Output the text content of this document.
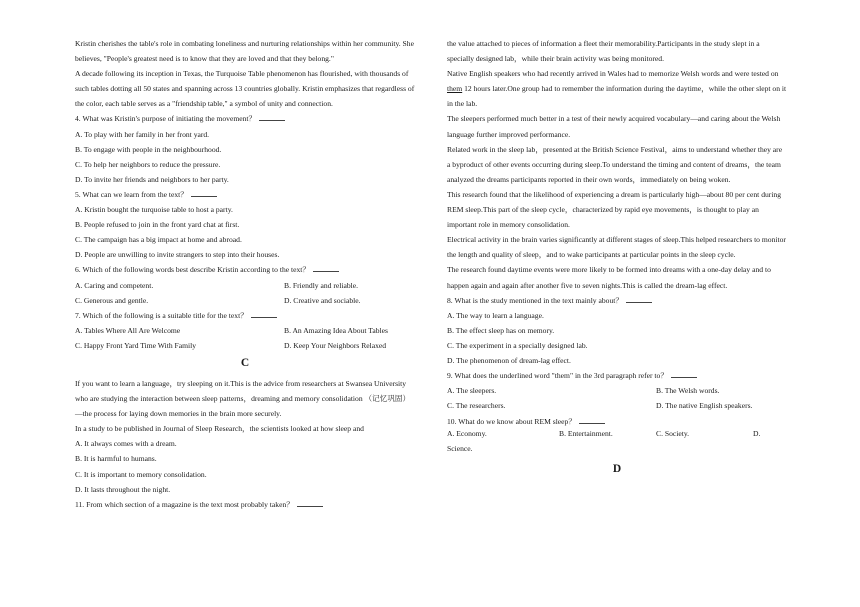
Kristin cherishes the table's role in combating loneliness and nurturing relationships within her community. She believes, "People's greatest need is to know that they are loved and that they belong."

A decade following its inception in Texas, the Turquoise Table phenomenon has flourished, with thousands of such tables dotting all 50 states and spanning across 13 countries globally. Kristin emphasizes that regardless of the color, each table serves as a "friendship table," a symbol of unity and connection.

4. What was Kristin's purpose of initiating the movement？

A. To play with her family in her front yard.

B. To engage with people in the neighbourhood.

C. To help her neighbors to reduce the pressure.

D. To invite her friends and neighbors to her party.

5. What can we learn from the text？

A. Kristin bought the turquoise table to host a party.

B. People refused to join in the front yard chat at first.

C. The campaign has a big impact at home and abroad.

D. People are unwilling to invite strangers to step into their houses.

6. Which of the following words best describe Kristin according to the text？

A. Caring and competent.	B. Friendly and reliable.
C. Generous and gentle.	D. Creative and sociable.

7. Which of the following is a suitable title for the text？

A. Tables Where All Are Welcome	B. An Amazing Idea About Tables
C. Happy Front Yard Time With Family	D. Keep Your Neighbors Relaxed
C

If you want to learn a language，try sleeping on it.This is the advice from researchers at Swansea University who are studying the interaction between sleep patterns，dreaming and memory consolidation （记忆巩固）—the process for laying down memories in the brain more securely.

In a study to be published in Journal of Sleep Research，the scientists looked at how sleep and

A. It always comes with a dream.

B. It is harmful to humans.

C. It is important to memory consolidation.

D. It lasts throughout the night.

11. From which section of a magazine is the text most probably taken？

the value attached to pieces of information a fleet their memorability.Participants in the study slept in a specially designed lab，while their brain activity was being monitored.

Native English speakers who had recently arrived in Wales had to memorize Welsh words and were tested on them 12 hours later.One group had to remember the information during the daytime，while the other slept on it in the lab.

The sleepers performed much better in a test of their newly acquired vocabulary—and caring about the Welsh language further improved performance.

Related work in the sleep lab，presented at the British Science Festival，aims to understand whether they are a byproduct of other events occurring during sleep.To understand the timing and content of dreams，the team analyzed the dreams participants reported in their own words，immediately on being woken.

This research found that the likelihood of experiencing a dream is particularly high—about 80 per cent during REM sleep.This part of the sleep cycle，characterized by rapid eye movements，is thought to play an important role in memory consolidation.

Electrical activity in the brain varies significantly at different stages of sleep.This helped researchers to monitor the length and quality of sleep，and to wake participants at particular points in the sleep cycle.

The research found daytime events were more likely to be formed into dreams with a one-day delay and to happen again and again after another five to seven nights.This is called the dream-lag effect.

8. What is the study mentioned in the text mainly about？

A. The way to learn a language.

B. The effect sleep has on memory.

C. The experiment in a specially designed lab.

D. The phenomenon of dream-lag effect.

9. What does the underlined word "them" in the 3rd paragraph refer to？

A. The sleepers.	B. The Welsh words.
C. The researchers.	D. The native English speakers.

10. What do we know about REM sleep？

A. Economy.	B. Entertainment.	C. Society.	D.

Science.

D
